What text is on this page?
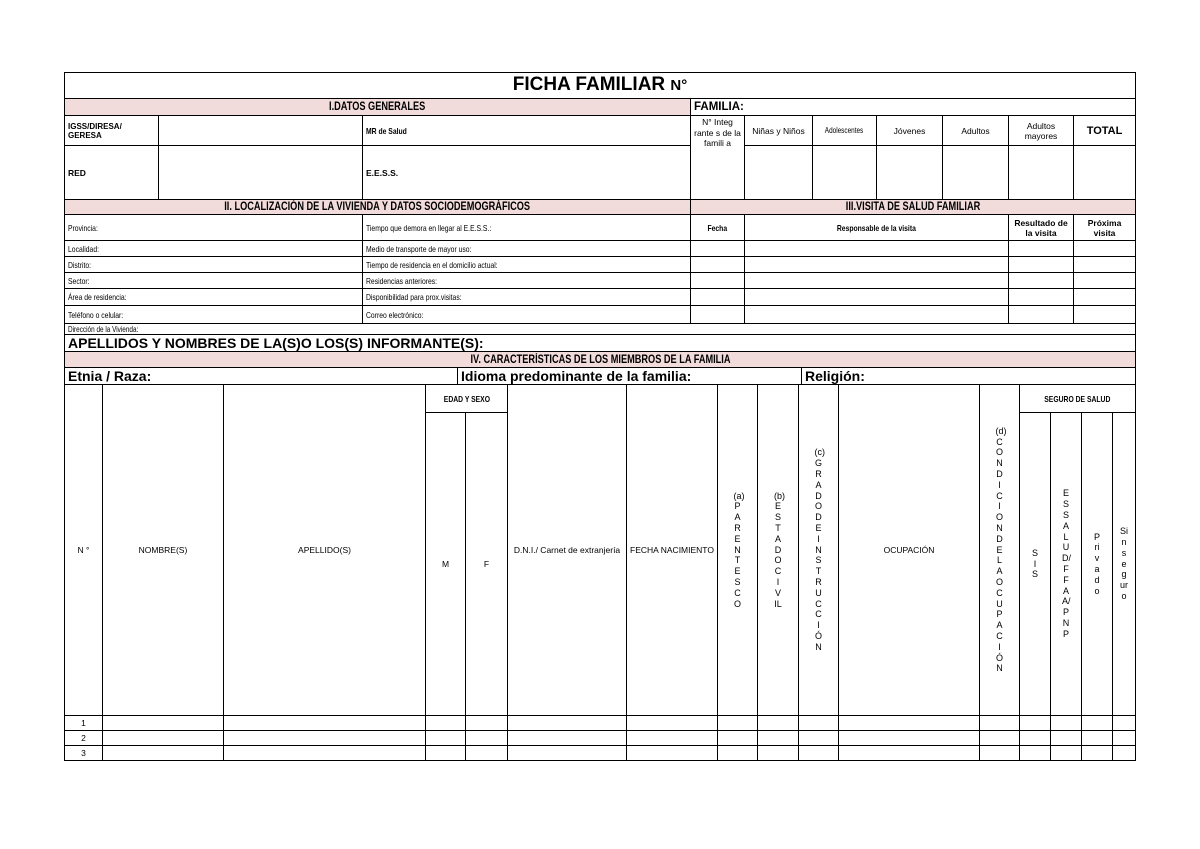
FICHA FAMILIAR N°									
I.DATOS GENERALES			FAMILIA:						
IGSS/DIRESA/ GERESA		MR de Salud	N° Integ rante s de la famili a	Niñas y Niños	Adolescentes	Jóvenes	Adultos	Adultos mayores	TOTAL
RED		E.E.S.S.							
II. LOCALIZACIÓN DE LA VIVIENDA Y DATOS SOCIODEMOGRÁFICOS			III.VISITA DE SALUD FAMILIAR						
Provincia:		Tiempo que demora en llegar al E.E.S.S.:	Fecha	Responsable de la visita				Resultado de la visita	Próxima visita
Localidad:		Medio de transporte de mayor uso:							
Distrito:		Tiempo de residencia en el domicilio actual:							
Sector:		Residencias anteriores:							
Área de residencia:		Disponibilidad para prox.visitas:							
Teléfono o celular:		Correo electrónico:							
Dirección de la Vivienda:									
APELLIDOS Y NOMBRES DE LA(S)O LOS(S) INFORMANTE(S):									
IV. CARACTERÍSTICAS DE LOS MIEMBROS DE LA FAMILIA									
Etnia / Raza:	Idioma predominante de la familia:	Religión:
N °	NOMBRE(S)	APELLIDO(S)	EDAD Y SEXO		D.N.I./ Carnet de extranjería	FECHA NACIMIENTO	(a)PARENTESCO	(b)ESTADOCIVIL	(c)GRADODEINSTRUCCIÓN	OCUPACIÓN	(d)CONDICIONDELAOCUPACIÓN	SEGURO DE SALUD			
			M	F								SIS	ESSALUD/FFAA/PNP	Privado	Sin seguro
1															
2															
3															
